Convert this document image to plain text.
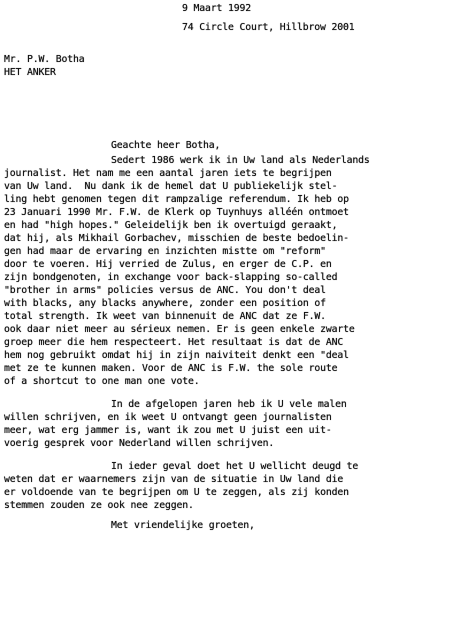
9 Maart 1992
74 Circle Court, Hillbrow 2001
Mr. P.W. Botha
HET ANKER
Geachte heer Botha,
Sedert 1986 werk ik in Uw land als Nederlands
journalist. Het nam me een aantal jaren iets te begrijpen
van Uw land.  Nu dank ik de hemel dat U publiekelijk stel-
ling hebt genomen tegen dit rampzalige referendum. Ik heb op
23 Januari 1990 Mr. F.W. de Klerk op Tuynhuys alléén ontmoet
en had "high hopes." Geleidelijk ben ik overtuigd geraakt,
dat hij, als Mikhail Gorbachev, misschien de beste bedoelin-
gen had maar de ervaring en inzichten mistte om "reform"
door te voeren. Hij verried de Zulus, en erger de C.P. en
zijn bondgenoten, in exchange voor back-slapping so-called
"brother in arms" policies versus de ANC. You don't deal
with blacks, any blacks anywhere, zonder een position of
total strength. Ik weet van binnenuit de ANC dat ze F.W.
ook daar niet meer au sérieux nemen. Er is geen enkele zwarte
groep meer die hem respecteert. Het resultaat is dat de ANC
hem nog gebruikt omdat hij in zijn naiviteit denkt een "deal
met ze te kunnen maken. Voor de ANC is F.W. the sole route
of a shortcut to one man one vote.
In de afgelopen jaren heb ik U vele malen
willen schrijven, en ik weet U ontvangt geen journalisten
meer, wat erg jammer is, want ik zou met U juist een uit-
voerig gesprek voor Nederland willen schrijven.
In ieder geval doet het U wellicht deugd te
weten dat er waarnemers zijn van de situatie in Uw land die
er voldoende van te begrijpen om U te zeggen, als zij konden
stemmen zouden ze ook nee zeggen.
Met vriendelijke groeten,
